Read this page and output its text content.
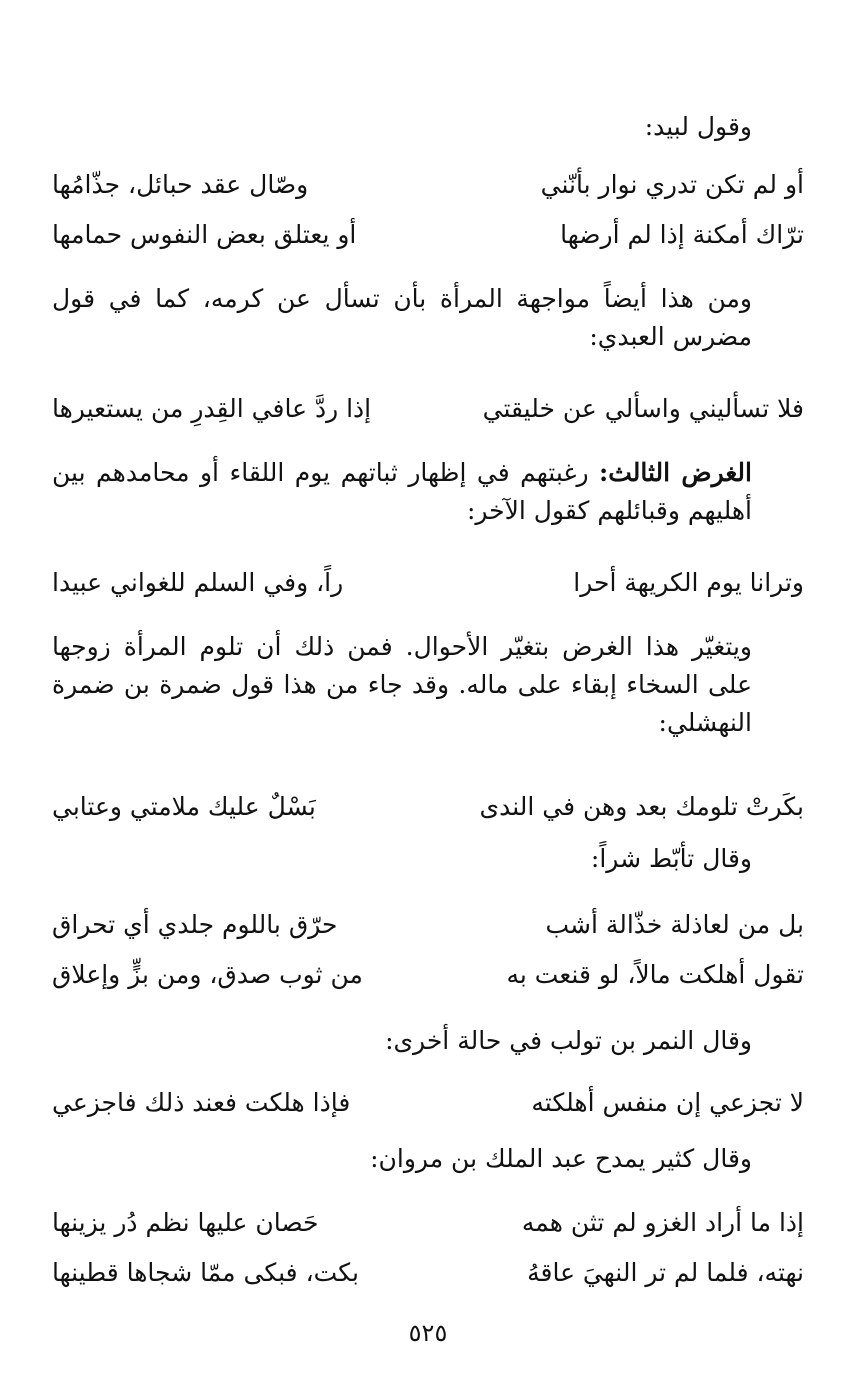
وقول لبيد:

أو لم تكن تدري نوار بأنّني
وصّال عقد حبائل، جذّامُها
ترّاك أمكنة إذا لم أرضها
أو يعتلق بعض النفوس حمامها

ومن هذا أيضاً مواجهة المرأة بأن تسأل عن كرمه، كما في قول مضرس العبدي:

فلا تسأليني واسألي عن خليقتي
إذا ردَّ عافي القِدرِ من يستعيرها

الغرض الثالث: رغبتهم في إظهار ثباتهم يوم اللقاء أو محامدهم بين أهليهم وقبائلهم كقول الآخر:

وترانا يوم الكريهة أحرا
راً، وفي السلم للغواني عبيدا

ويتغيّر هذا الغرض بتغيّر الأحوال. فمن ذلك أن تلوم المرأة زوجها على السخاء إبقاء على ماله. وقد جاء من هذا قول ضمرة بن ضمرة النهشلي:

بكَرتْ تلومك بعد وهن في الندى
بَسْلٌ عليك ملامتي وعتابي

وقال تأبّط شراً:

بل من لعاذلة خذّالة أشب
حرّق باللوم جلدي أي تحراق
تقول أهلكت مالاً، لو قنعت به
من ثوب صدق، ومن بزٍّ وإعلاق

وقال النمر بن تولب في حالة أخرى:

لا تجزعي إن منفس أهلكته
فإذا هلكت فعند ذلك فاجزعي

وقال كثير يمدح عبد الملك بن مروان:

إذا ما أراد الغزو لم تثن همه
حَصان عليها نظم دُر يزينها
نهته، فلما لم تر النهيَ عاقهُ
بكت، فبكى ممّا شجاها قطينها
٥٢٥
